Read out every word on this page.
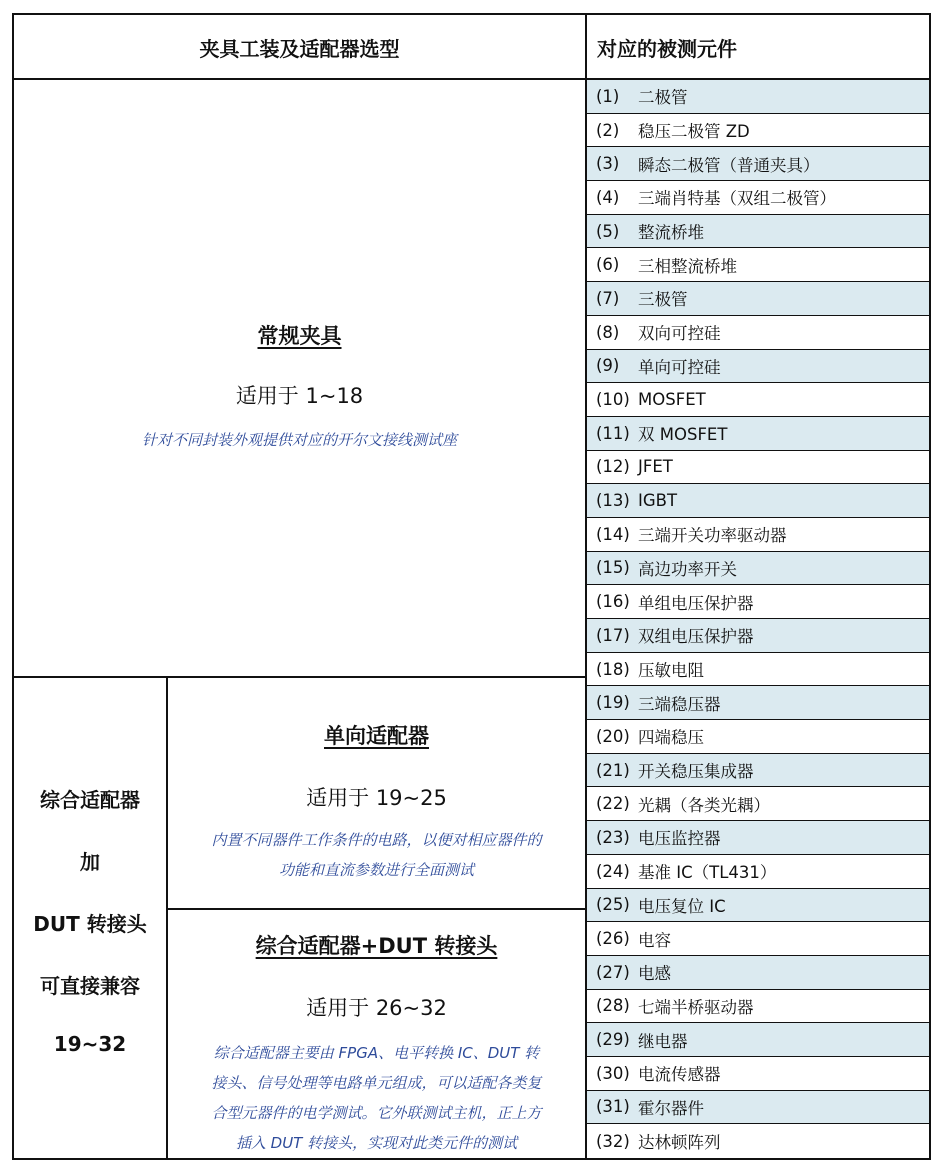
夹具工装及适配器选型	对应的被测元件
常规夹具
适用于 1~18
针对不同封装外观提供对应的开尔文接线测试座
综合适配器
加
DUT 转接头
可直接兼容
19~32
单向适配器
适用于 19~25
内置不同器件工作条件的电路，以便对相应器件的
功能和直流参数进行全面测试
综合适配器+DUT 转接头
适用于 26~32
综合适配器主要由 FPGA、电平转换 IC、DUT 转
接头、信号处理等电路单元组成，可以适配各类复
合型元器件的电学测试。它外联测试主机，正上方
插入 DUT 转接头，实现对此类元件的测试
(1)	二极管
(2)	稳压二极管 ZD
(3)	瞬态二极管（普通夹具）
(4)	三端肖特基（双组二极管）
(5)	整流桥堆
(6)	三相整流桥堆
(7)	三极管
(8)	双向可控硅
(9)	单向可控硅
(10) MOSFET
(11) 双 MOSFET
(12) JFET
(13) IGBT
(14) 三端开关功率驱动器
(15) 高边功率开关
(16) 单组电压保护器
(17) 双组电压保护器
(18) 压敏电阻
(19) 三端稳压器
(20) 四端稳压
(21) 开关稳压集成器
(22) 光耦（各类光耦）
(23) 电压监控器
(24) 基准 IC（TL431）
(25) 电压复位 IC
(26) 电容
(27) 电感
(28) 七端半桥驱动器
(29) 继电器
(30) 电流传感器
(31) 霍尔器件
(32) 达林顿阵列
